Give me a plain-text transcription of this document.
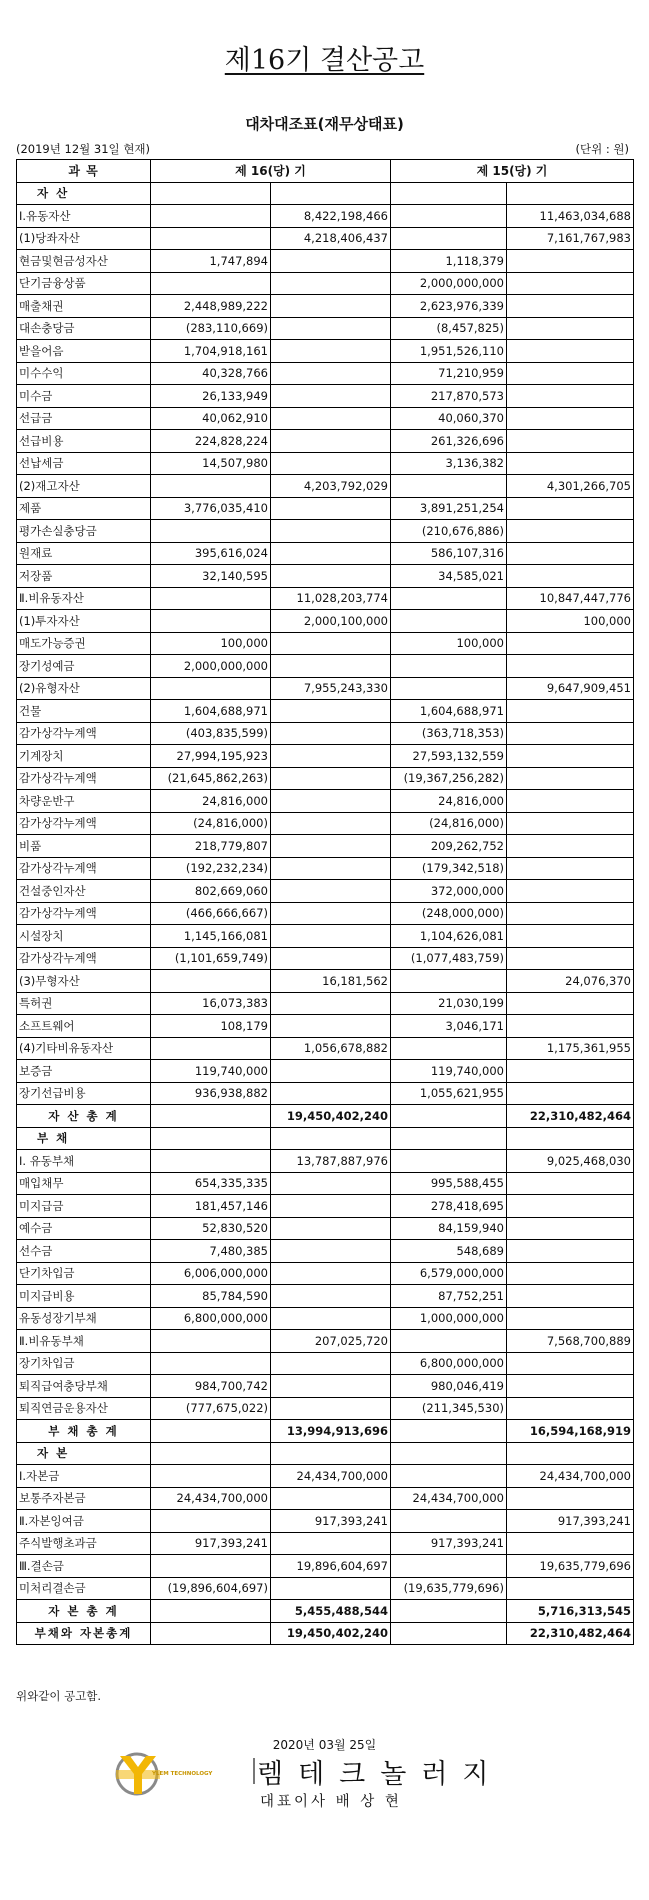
제16기 결산공고
대차대조표(재무상태표)
(2019년 12월 31일 현재)	(단위 : 원)
과 목	제 16(당) 기		제 15(당) 기	
자 산				
Ⅰ.유동자산		8,422,198,466		11,463,034,688
(1)당좌자산		4,218,406,437		7,161,767,983
현금및현금성자산	1,747,894		1,118,379	
단기금융상품			2,000,000,000	
매출채권	2,448,989,222		2,623,976,339	
대손충당금	(283,110,669)		(8,457,825)	
받을어음	1,704,918,161		1,951,526,110	
미수수익	40,328,766		71,210,959	
미수금	26,133,949		217,870,573	
선급금	40,062,910		40,060,370	
선급비용	224,828,224		261,326,696	
선납세금	14,507,980		3,136,382	
(2)재고자산		4,203,792,029		4,301,266,705
제품	3,776,035,410		3,891,251,254	
평가손실충당금			(210,676,886)	
원재료	395,616,024		586,107,316	
저장품	32,140,595		34,585,021	
Ⅱ.비유동자산		11,028,203,774		10,847,447,776
(1)투자자산		2,000,100,000		100,000
매도가능증권	100,000		100,000	
장기성예금	2,000,000,000			
(2)유형자산		7,955,243,330		9,647,909,451
건물	1,604,688,971		1,604,688,971	
감가상각누계액	(403,835,599)		(363,718,353)	
기계장치	27,994,195,923		27,593,132,559	
감가상각누계액	(21,645,862,263)		(19,367,256,282)	
차량운반구	24,816,000		24,816,000	
감가상각누계액	(24,816,000)		(24,816,000)	
비품	218,779,807		209,262,752	
감가상각누계액	(192,232,234)		(179,342,518)	
건설중인자산	802,669,060		372,000,000	
감가상각누계액	(466,666,667)		(248,000,000)	
시설장치	1,145,166,081		1,104,626,081	
감가상각누계액	(1,101,659,749)		(1,077,483,759)	
(3)무형자산		16,181,562		24,076,370
특허권	16,073,383		21,030,199	
소프트웨어	108,179		3,046,171	
(4)기타비유동자산		1,056,678,882		1,175,361,955
보증금	119,740,000		119,740,000	
장기선급비용	936,938,882		1,055,621,955	
자 산 총 계		19,450,402,240		22,310,482,464
부 채				
Ⅰ. 유동부채		13,787,887,976		9,025,468,030
매입채무	654,335,335		995,588,455	
미지급금	181,457,146		278,418,695	
예수금	52,830,520		84,159,940	
선수금	7,480,385		548,689	
단기차입금	6,006,000,000		6,579,000,000	
미지급비용	85,784,590		87,752,251	
유동성장기부채	6,800,000,000		1,000,000,000	
Ⅱ.비유동부채		207,025,720		7,568,700,889
장기차입금			6,800,000,000	
퇴직급여충당부채	984,700,742		980,046,419	
퇴직연금운용자산	(777,675,022)		(211,345,530)	
부 채 총 계		13,994,913,696		16,594,168,919
자 본				
Ⅰ.자본금		24,434,700,000		24,434,700,000
보통주자본금	24,434,700,000		24,434,700,000	
Ⅱ.자본잉여금		917,393,241		917,393,241
주식발행초과금	917,393,241		917,393,241	
Ⅲ.결손금		19,896,604,697		19,635,779,696
미처리결손금	(19,896,604,697)		(19,635,779,696)	
자 본 총 계		5,455,488,544		5,716,313,545
부채와 자본총계		19,450,402,240		22,310,482,464
위와같이 공고함.
2020년 03월 25일
YLEM TECHNOLOGY 렘테크놀러지
대표이사 배 상 현
